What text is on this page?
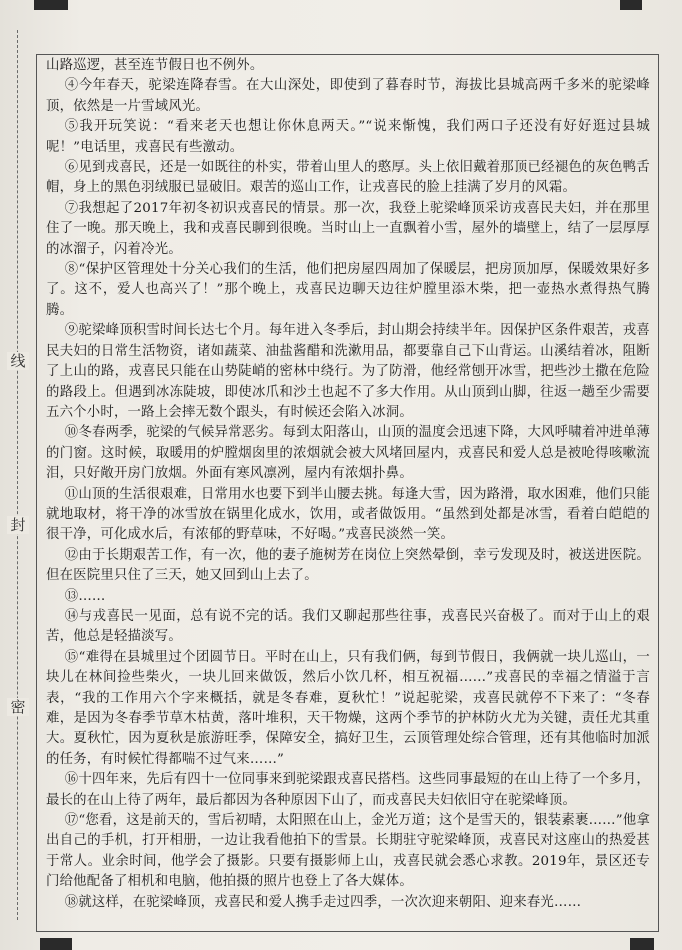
线
封
密

山路巡逻，甚至连节假日也不例外。

④今年春天，驼梁连降春雪。在大山深处，即使到了暮春时节，海拔比县城高两千多米的驼梁峰顶，依然是一片雪域风光。

⑤我开玩笑说：“看来老天也想让你休息两天。”“说来惭愧，我们两口子还没有好好逛过县城呢！”电话里，戎喜民有些激动。

⑥见到戎喜民，还是一如既往的朴实，带着山里人的憨厚。头上依旧戴着那顶已经褪色的灰色鸭舌帽，身上的黑色羽绒服已显破旧。艰苦的巡山工作，让戎喜民的脸上挂满了岁月的风霜。

⑦我想起了2017年初冬初识戎喜民的情景。那一次，我登上驼梁峰顶采访戎喜民夫妇，并在那里住了一晚。那天晚上，我和戎喜民聊到很晚。当时山上一直飘着小雪，屋外的墙壁上，结了一层厚厚的冰溜子，闪着冷光。

⑧“保护区管理处十分关心我们的生活，他们把房屋四周加了保暖层，把房顶加厚，保暖效果好多了。这不，爱人也高兴了！”那个晚上，戎喜民边聊天边往炉膛里添木柴，把一壶热水煮得热气腾腾。

⑨驼梁峰顶积雪时间长达七个月。每年进入冬季后，封山期会持续半年。因保护区条件艰苦，戎喜民夫妇的日常生活物资，诸如蔬菜、油盐酱醋和洗漱用品，都要靠自己下山背运。山溪结着冰，阻断了上山的路，戎喜民只能在山势陡峭的密林中绕行。为了防滑，他经常刨开冰雪，把些沙土撒在危险的路段上。但遇到冰冻陡坡，即使冰爪和沙土也起不了多大作用。从山顶到山脚，往返一趟至少需要五六个小时，一路上会摔无数个跟头，有时候还会陷入冰洞。

⑩冬春两季，驼梁的气候异常恶劣。每到太阳落山，山顶的温度会迅速下降，大风呼啸着冲进单薄的门窗。这时候，取暖用的炉膛烟囱里的浓烟就会被大风堵回屋内，戎喜民和爱人总是被呛得咳嗽流泪，只好敞开房门放烟。外面有寒风凛冽，屋内有浓烟扑鼻。

⑪山顶的生活很艰难，日常用水也要下到半山腰去挑。每逢大雪，因为路滑，取水困难，他们只能就地取材，将干净的冰雪放在锅里化成水，饮用，或者做饭用。“虽然到处都是冰雪，看着白皑皑的很干净，可化成水后，有浓郁的野草味，不好喝。”戎喜民淡然一笑。

⑫由于长期艰苦工作，有一次，他的妻子施树芳在岗位上突然晕倒，幸亏发现及时，被送进医院。但在医院里只住了三天，她又回到山上去了。

⑬……

⑭与戎喜民一见面，总有说不完的话。我们又聊起那些往事，戎喜民兴奋极了。而对于山上的艰苦，他总是轻描淡写。

⑮“难得在县城里过个团圆节日。平时在山上，只有我们俩，每到节假日，我俩就一块儿巡山，一块儿在林间捡些柴火，一块儿回来做饭，然后小饮几杯，相互祝福……”戎喜民的幸福之情溢于言表，“我的工作用六个字来概括，就是冬春难，夏秋忙！”说起驼梁，戎喜民就停不下来了：“冬春难，是因为冬春季节草木枯黄，落叶堆积，天干物燥，这两个季节的护林防火尤为关键，责任尤其重大。夏秋忙，因为夏秋是旅游旺季，保障安全，搞好卫生，云顶管理处综合管理，还有其他临时加派的任务，有时候忙得都喘不过气来……”

⑯十四年来，先后有四十一位同事来到驼梁跟戎喜民搭档。这些同事最短的在山上待了一个多月，最长的在山上待了两年，最后都因为各种原因下山了，而戎喜民夫妇依旧守在驼梁峰顶。

⑰“您看，这是前天的，雪后初晴，太阳照在山上，金光万道；这个是雪天的，银装素裹……”他拿出自己的手机，打开相册，一边让我看他拍下的雪景。长期驻守驼梁峰顶，戎喜民对这座山的热爱甚于常人。业余时间，他学会了摄影。只要有摄影师上山，戎喜民就会悉心求教。2019年，景区还专门给他配备了相机和电脑，他拍摄的照片也登上了各大媒体。

⑱就这样，在驼梁峰顶，戎喜民和爱人携手走过四季，一次次迎来朝阳、迎来春光……
